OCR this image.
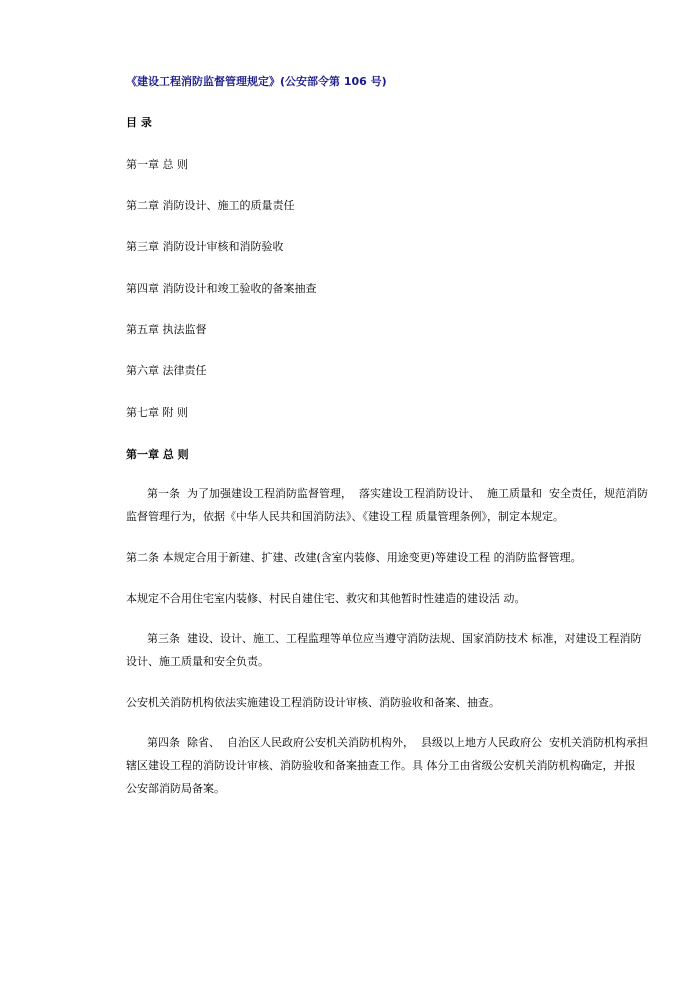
《建设工程消防监督管理规定》(公安部令第 106 号)
目 录
第一章 总 则
第二章 消防设计、施工的质量责任
第三章 消防设计审核和消防验收
第四章 消防设计和竣工验收的备案抽查
第五章 执法监督
第六章 法律责任
第七章 附 则
第一章 总 则
第一条  为了加强建设工程消防监督管理，  落实建设工程消防设计、  施工质量和  安全责任，规范消防
监督管理行为，依据《中华人民共和国消防法》、《建设工程 质量管理条例》，制定本规定。
第二条 本规定合用于新建、扩建、改建(含室内装修、用途变更)等建设工程 的消防监督管理。
本规定不合用住宅室内装修、村民自建住宅、救灾和其他暂时性建造的建设活 动。
第三条  建设、设计、施工、工程监理等单位应当遵守消防法规、国家消防技术 标准，对建设工程消防
设计、施工质量和安全负责。
公安机关消防机构依法实施建设工程消防设计审核、消防验收和备案、抽查。
第四条  除省、  自治区人民政府公安机关消防机构外，  县级以上地方人民政府公  安机关消防机构承担
辖区建设工程的消防设计审核、消防验收和备案抽查工作。具 体分工由省级公安机关消防机构确定，并报
公安部消防局备案。
